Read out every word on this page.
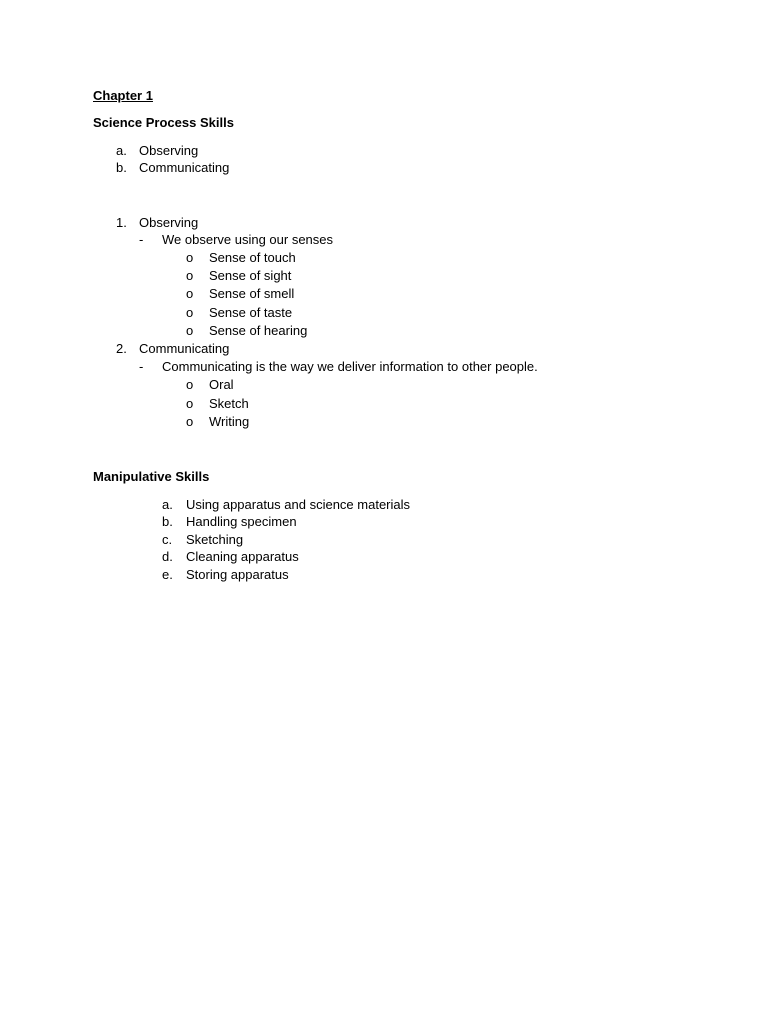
Chapter 1
Science Process Skills
a. Observing
b. Communicating
1. Observing
- We observe using our senses
o Sense of touch
o Sense of sight
o Sense of smell
o Sense of taste
o Sense of hearing
2. Communicating
- Communicating is the way we deliver information to other people.
o Oral
o Sketch
o Writing
Manipulative Skills
a. Using apparatus and science materials
b. Handling specimen
c. Sketching
d. Cleaning apparatus
e. Storing apparatus
